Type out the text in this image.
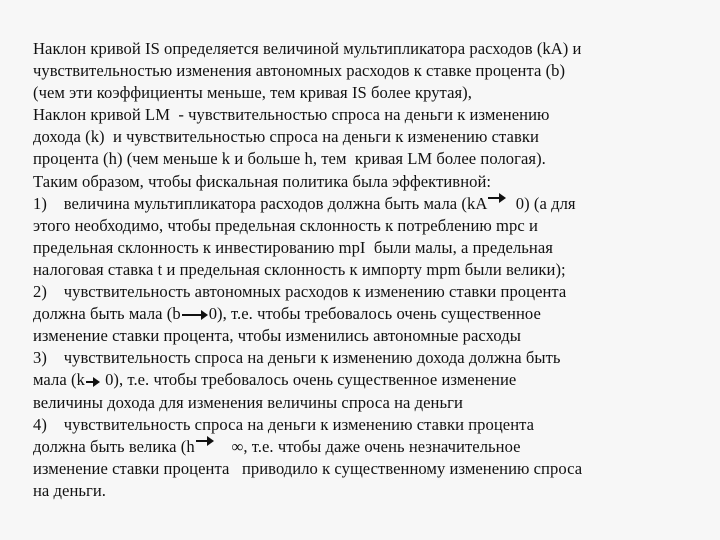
Наклон кривой IS определяется величиной мультипликатора расходов (kA) и
чувствительностью изменения автономных расходов к ставке процента (b)
(чем эти коэффициенты меньше, тем кривая IS более крутая),
Наклон кривой LM  - чувствительностью спроса на деньги к изменению
дохода (k)  и чувствительностью спроса на деньги к изменению ставки
процента (h) (чем меньше k и больше h, тем  кривая LM более пологая).
Таким образом, чтобы фискальная политика была эффективной:
1)    величина мультипликатора расходов должна быть мала (kA  0) (а для
этого необходимо, чтобы предельная склонность к потреблению mpc и
предельная склонность к инвестированию mpI  были малы, а предельная
налоговая ставка t и предельная склонность к импорту mpm были велики);
2)    чувствительность автономных расходов к изменению ставки процента
должна быть мала (b 0), т.е. чтобы требовалось очень существенное
изменение ставки процента, чтобы изменились автономные расходы
3)    чувствительность спроса на деньги к изменению дохода должна быть
мала (k 0), т.е. чтобы требовалось очень существенное изменение
величины дохода для изменения величины спроса на деньги
4)    чувствительность спроса на деньги к изменению ставки процента
должна быть велика (h    ∞, т.е. чтобы даже очень незначительное
изменение ставки процента   приводило к существенному изменению спроса
на деньги.
